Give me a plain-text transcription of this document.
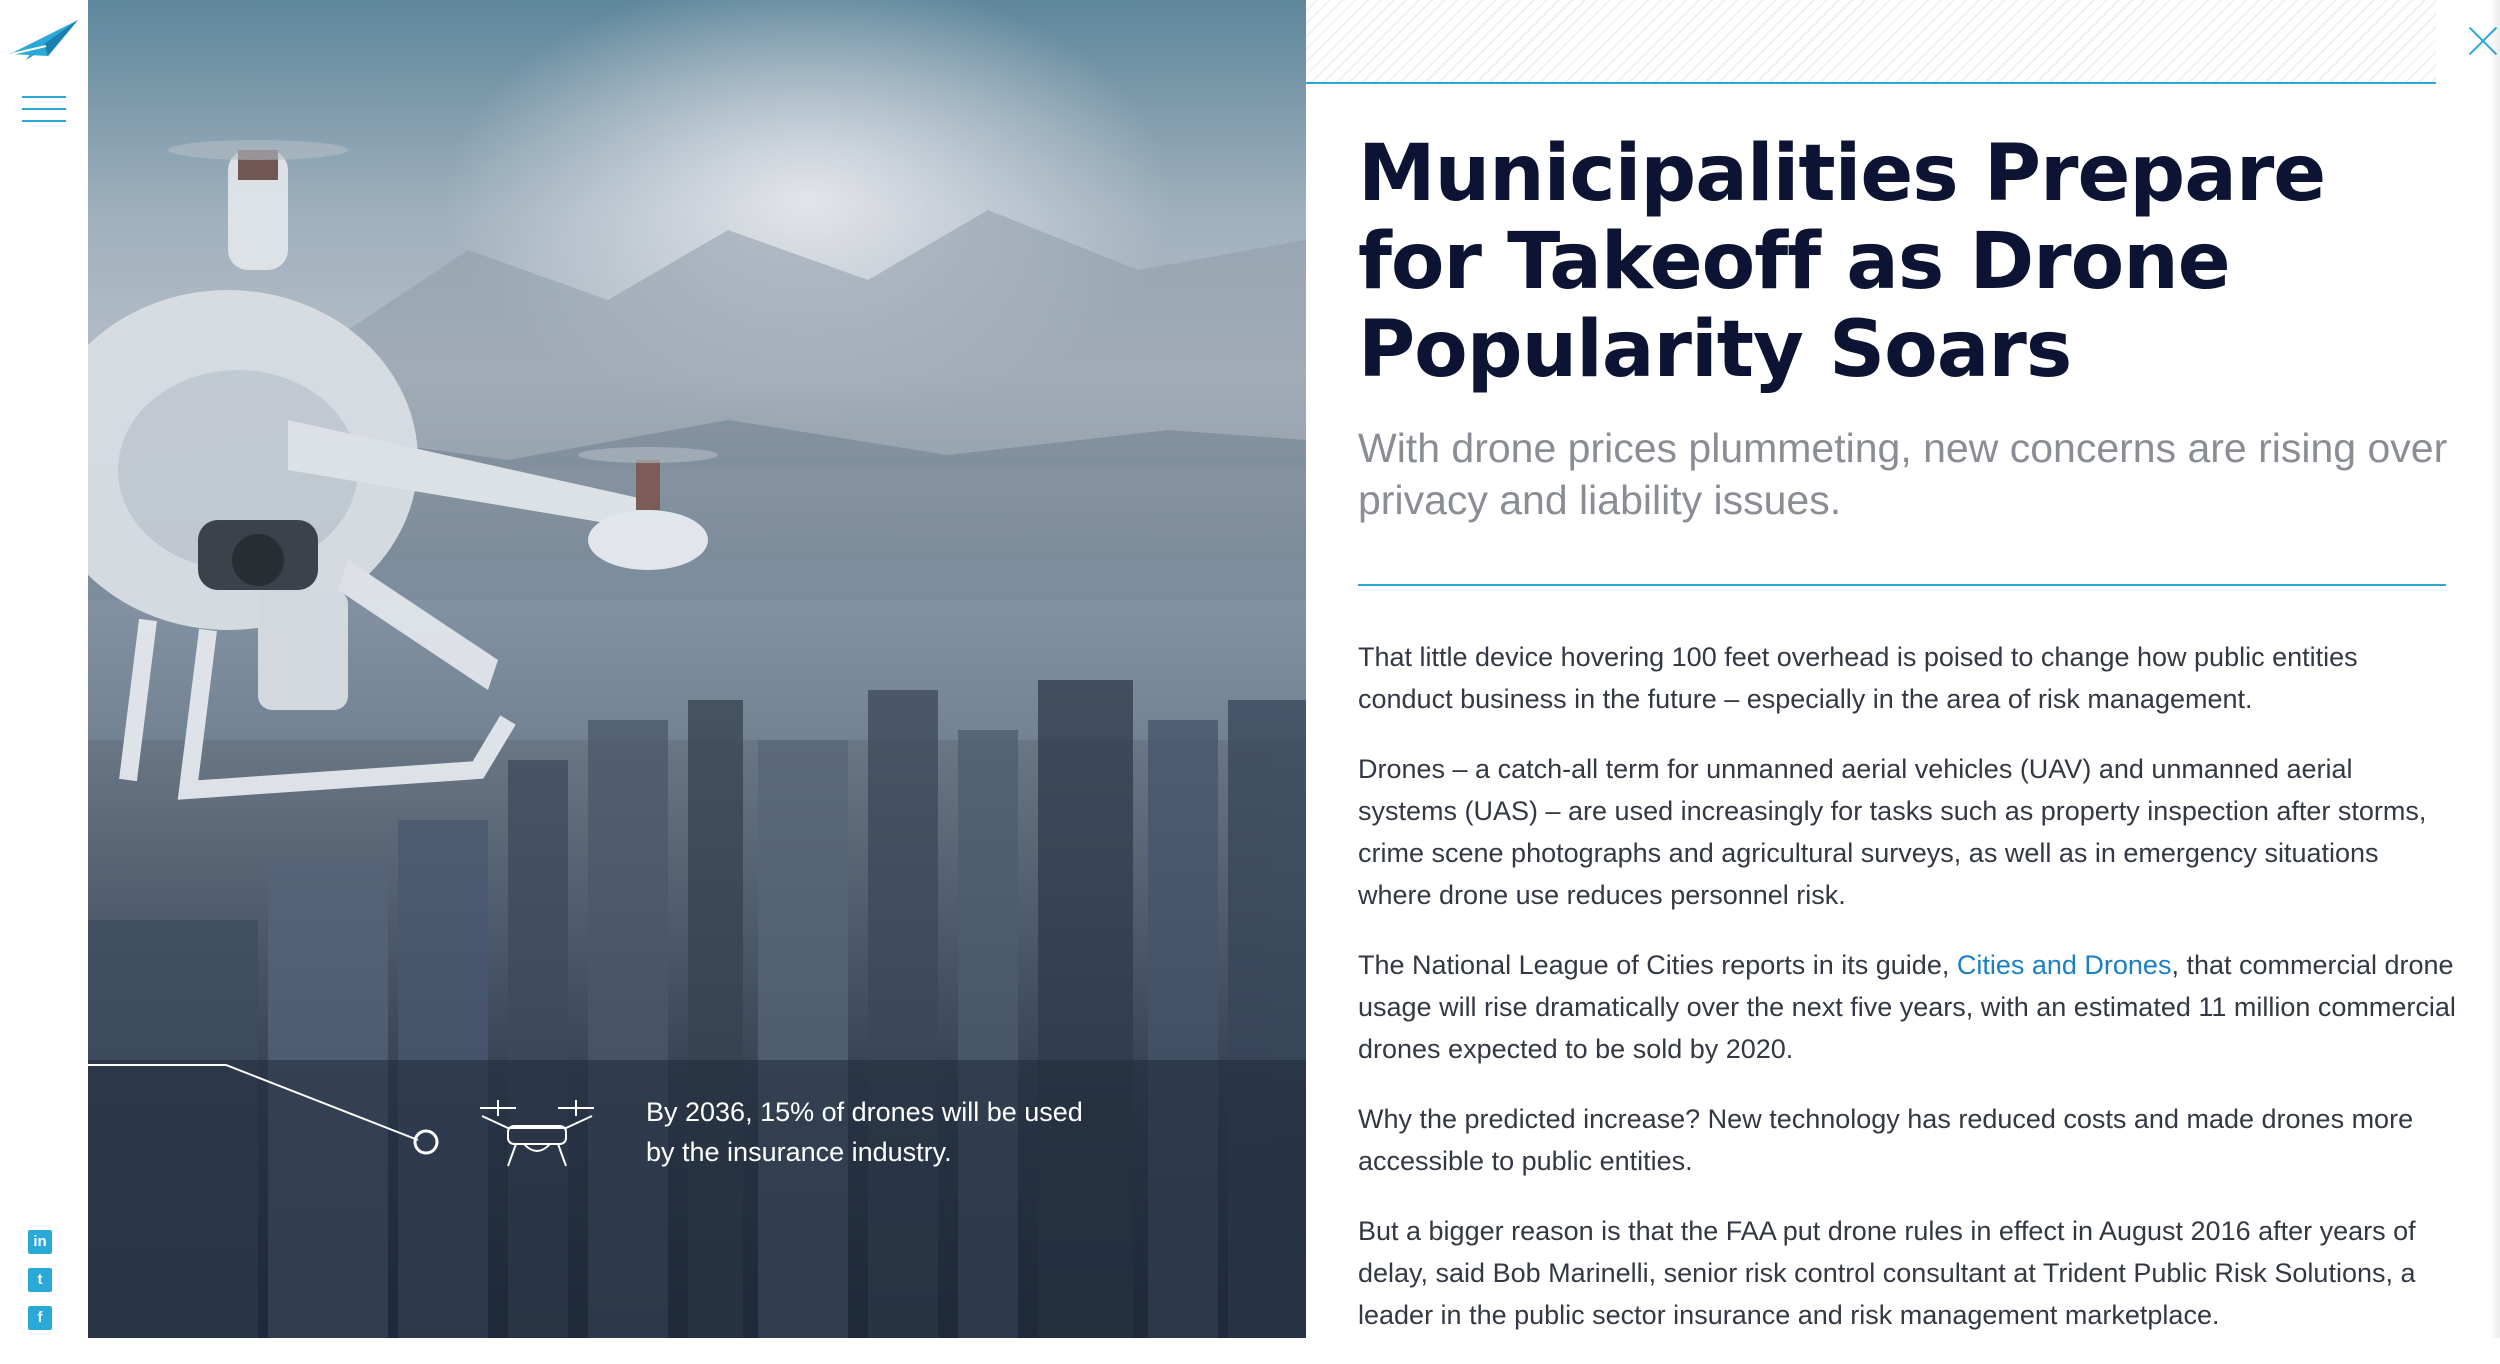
in
t
f
By 2036, 15% of drones will be used by the insurance industry.
Municipalities Prepare for Takeoff as Drone Popularity Soars

With drone prices plummeting, new concerns are rising over privacy and liability issues.

That little device hovering 100 feet overhead is poised to change how public entities conduct business in the future – especially in the area of risk management.

Drones – a catch-all term for unmanned aerial vehicles (UAV) and unmanned aerial systems (UAS) – are used increasingly for tasks such as property inspection after storms, crime scene photographs and agricultural surveys, as well as in emergency situations where drone use reduces personnel risk.

The National League of Cities reports in its guide, Cities and Drones, that commercial drone usage will rise dramatically over the next five years, with an estimated 11 million commercial drones expected to be sold by 2020.

Why the predicted increase? New technology has reduced costs and made drones more accessible to public entities.

But a bigger reason is that the FAA put drone rules in effect in August 2016 after years of delay, said Bob Marinelli, senior risk control consultant at Trident Public Risk Solutions, a leader in the public sector insurance and risk management marketplace.
